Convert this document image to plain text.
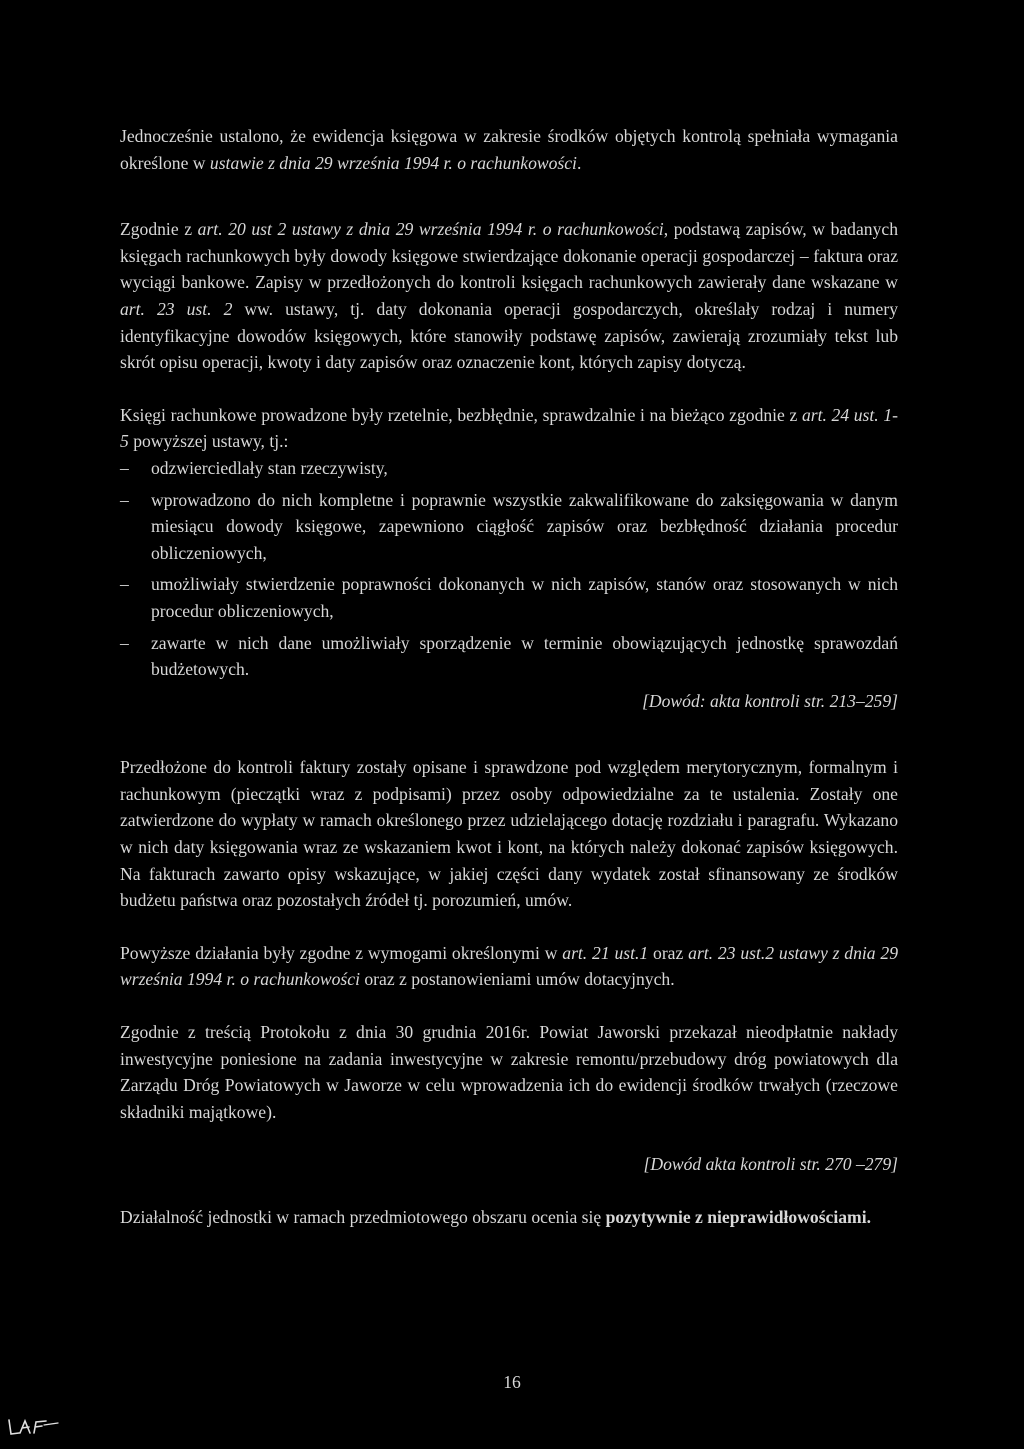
Jednocześnie ustalono, że ewidencja księgowa w zakresie środków objętych kontrolą spełniała wymagania określone w ustawie z dnia 29 września 1994 r. o rachunkowości.

Zgodnie z art. 20 ust 2 ustawy z dnia 29 września 1994 r. o rachunkowości, podstawą zapisów, w badanych księgach rachunkowych były dowody księgowe stwierdzające dokonanie operacji gospodarczej – faktura oraz wyciągi bankowe. Zapisy w przedłożonych do kontroli księgach rachunkowych zawierały dane wskazane w art. 23 ust. 2 ww. ustawy, tj. daty dokonania operacji gospodarczych, określały rodzaj i numery identyfikacyjne dowodów księgowych, które stanowiły podstawę zapisów, zawierają zrozumiały tekst lub skrót opisu operacji, kwoty i daty zapisów oraz oznaczenie kont, których zapisy dotyczą.

Księgi rachunkowe prowadzone były rzetelnie, bezbłędnie, sprawdzalnie i na bieżąco zgodnie z art. 24 ust. 1-5 powyższej ustawy, tj.:

– odzwierciedlały stan rzeczywisty,
– wprowadzono do nich kompletne i poprawnie wszystkie zakwalifikowane do zaksięgowania w danym miesiącu dowody księgowe, zapewniono ciągłość zapisów oraz bezbłędność działania procedur obliczeniowych,
– umożliwiały stwierdzenie poprawności dokonanych w nich zapisów, stanów oraz stosowanych w nich procedur obliczeniowych,
– zawarte w nich dane umożliwiały sporządzenie w terminie obowiązujących jednostkę sprawozdań budżetowych.

[Dowód: akta kontroli str. 213–259]

Przedłożone do kontroli faktury zostały opisane i sprawdzone pod względem merytorycznym, formalnym i rachunkowym (pieczątki wraz z podpisami) przez osoby odpowiedzialne za te ustalenia. Zostały one zatwierdzone do wypłaty w ramach określonego przez udzielającego dotację rozdziału i paragrafu. Wykazano w nich daty księgowania wraz ze wskazaniem kwot i kont, na których należy dokonać zapisów księgowych. Na fakturach zawarto opisy wskazujące, w jakiej części dany wydatek został sfinansowany ze środków budżetu państwa oraz pozostałych źródeł tj. porozumień, umów.

Powyższe działania były zgodne z wymogami określonymi w art. 21 ust.1 oraz art. 23 ust.2 ustawy z dnia 29 września 1994 r. o rachunkowości oraz z postanowieniami umów dotacyjnych.

Zgodnie z treścią Protokołu z dnia 30 grudnia 2016r. Powiat Jaworski przekazał nieodpłatnie nakłady inwestycyjne poniesione na zadania inwestycyjne w zakresie remontu/przebudowy dróg powiatowych dla Zarządu Dróg Powiatowych w Jaworze w celu wprowadzenia ich do ewidencji środków trwałych (rzeczowe składniki majątkowe).

[Dowód akta kontroli str. 270 –279]

Działalność jednostki w ramach przedmiotowego obszaru ocenia się pozytywnie z nieprawidłowościami.

16
